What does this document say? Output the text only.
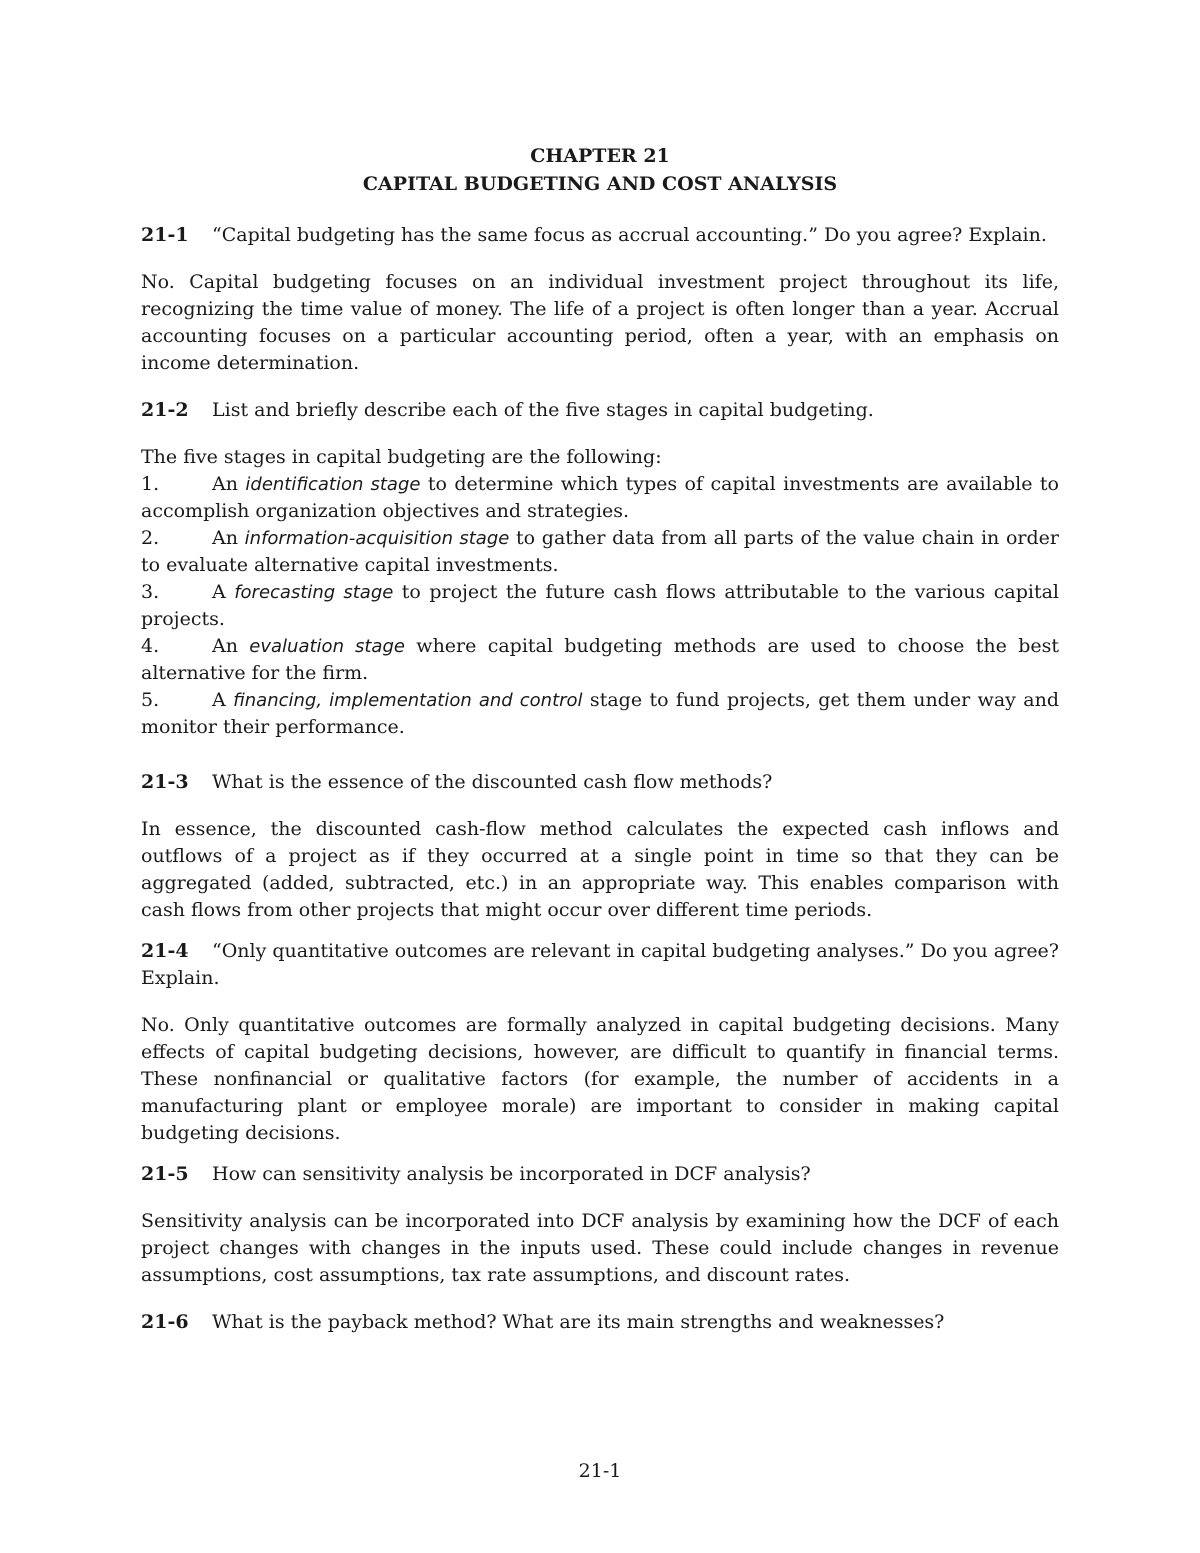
CHAPTER 21

CAPITAL BUDGETING AND COST ANALYSIS

21-1 “Capital budgeting has the same focus as accrual accounting.” Do you agree? Explain.

No. Capital budgeting focuses on an individual investment project throughout its life, recognizing the time value of money. The life of a project is often longer than a year. Accrual accounting focuses on a particular accounting period, often a year, with an emphasis on income determination.

21-2 List and briefly describe each of the five stages in capital budgeting.

The five stages in capital budgeting are the following:

1.	An identification stage to determine which types of capital investments are available to accomplish organization objectives and strategies.

2.	An information-acquisition stage to gather data from all parts of the value chain in order to evaluate alternative capital investments.

3.	A forecasting stage to project the future cash flows attributable to the various capital projects.

4.	An evaluation stage where capital budgeting methods are used to choose the best alternative for the firm.

5.	A financing, implementation and control stage to fund projects, get them under way and monitor their performance.

21-3 What is the essence of the discounted cash flow methods?

In essence, the discounted cash-flow method calculates the expected cash inflows and outflows of a project as if they occurred at a single point in time so that they can be aggregated (added, subtracted, etc.) in an appropriate way. This enables comparison with cash flows from other projects that might occur over different time periods.

21-4 “Only quantitative outcomes are relevant in capital budgeting analyses.” Do you agree? Explain.

No. Only quantitative outcomes are formally analyzed in capital budgeting decisions. Many effects of capital budgeting decisions, however, are difficult to quantify in financial terms. These nonfinancial or qualitative factors (for example, the number of accidents in a manufacturing plant or employee morale) are important to consider in making capital budgeting decisions.

21-5 How can sensitivity analysis be incorporated in DCF analysis?

Sensitivity analysis can be incorporated into DCF analysis by examining how the DCF of each project changes with changes in the inputs used. These could include changes in revenue assumptions, cost assumptions, tax rate assumptions, and discount rates.

21-6 What is the payback method? What are its main strengths and weaknesses?

21-1
